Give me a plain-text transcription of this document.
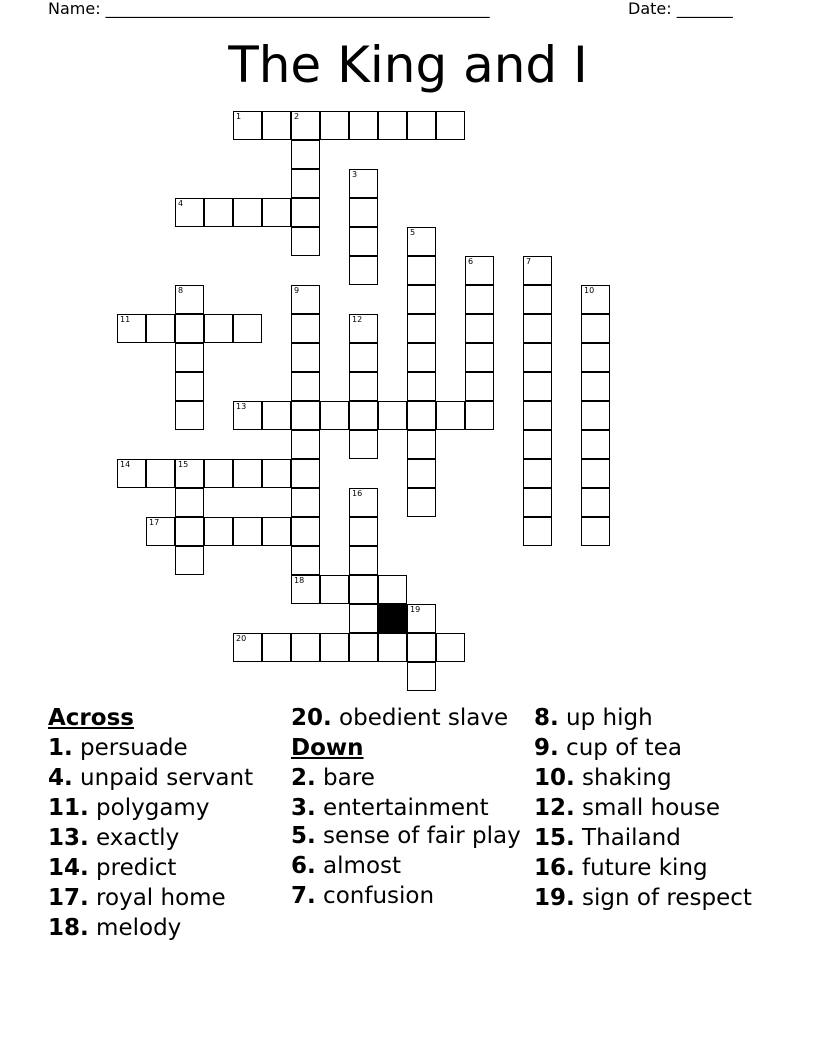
Name: ________________________________________________	Date: _______
The King and I
1	2
3
4
5
6	7
8	9	10
11	12
13
14	15
16
17
18
19
20
Across
1. persuade
4. unpaid servant
11. polygamy
13. exactly
14. predict
17. royal home
18. melody
20. obedient slave
Down
2. bare
3. entertainment
5. sense of fair play
6. almost
7. confusion
8. up high
9. cup of tea
10. shaking
12. small house
15. Thailand
16. future king
19. sign of respect
